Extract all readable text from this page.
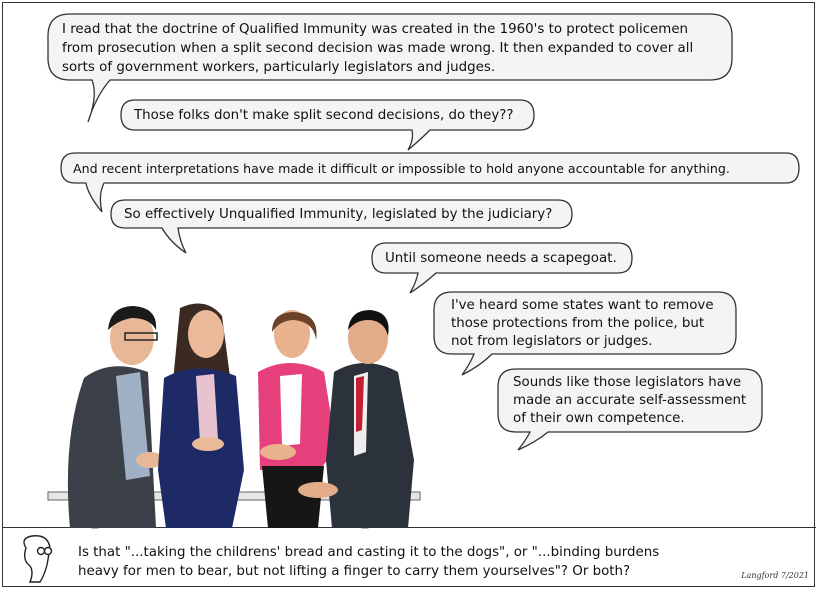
I read that the doctrine of Qualified Immunity was created in the 1960's to protect policemen
from prosecution when a split second decision was made wrong. It then expanded to cover all
sorts of government workers, particularly legislators and judges.
Those folks don't make split second decisions, do they??
And recent interpretations have made it difficult or impossible to hold anyone accountable for anything.
So effectively Unqualified Immunity, legislated by the judiciary?
Until someone needs a scapegoat.
I've heard some states want to remove
those protections from the police, but
not from legislators or judges.
Sounds like those legislators have
made an accurate self-assessment
of their own competence.
Is that "...taking the childrens' bread and casting it to the dogs", or "...binding burdens
heavy for men to bear, but not lifting a finger to carry them yourselves"? Or both?	Langford 7/2021
